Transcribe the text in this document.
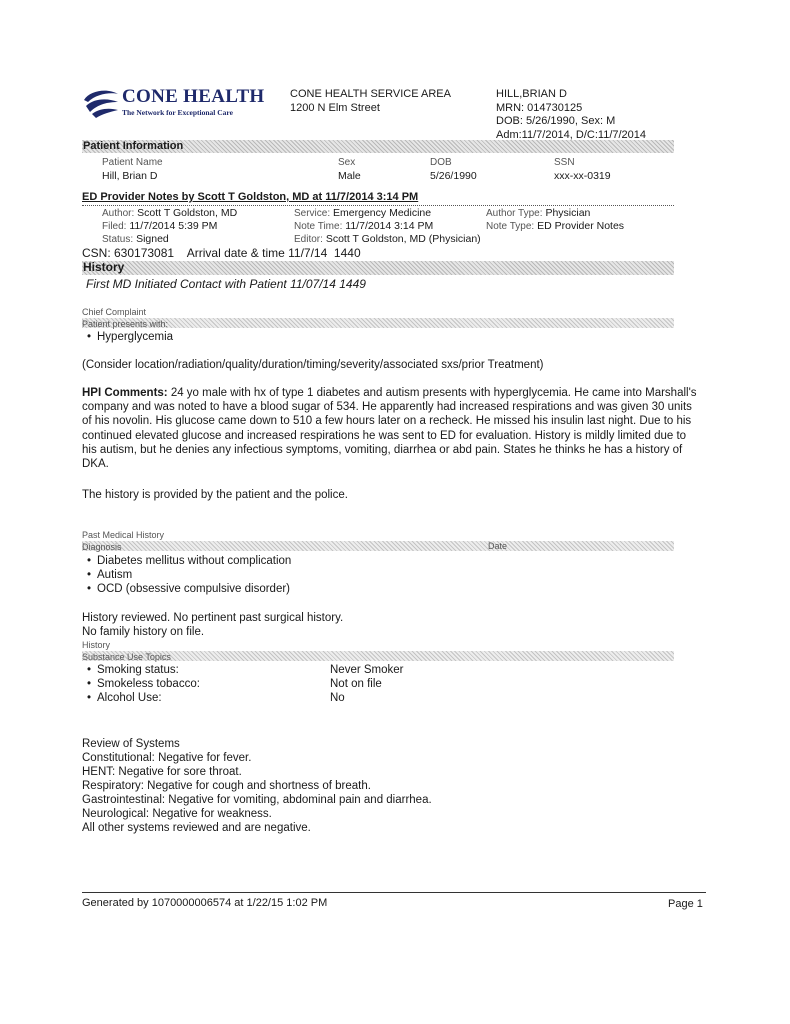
CONE HEALTH
The Network for Exceptional Care
CONE HEALTH SERVICE AREA
1200 N Elm Street
HILL,BRIAN D
MRN: 014730125
DOB: 5/26/1990, Sex: M
Adm:11/7/2014, D/C:11/7/2014
Patient Information
Patient Name	Sex	DOB	SSN
Hill, Brian D	Male	5/26/1990	xxx-xx-0319
ED Provider Notes by Scott T Goldston, MD at 11/7/2014 3:14 PM
Author: Scott T Goldston, MD	Service: Emergency Medicine	Author Type: Physician
Filed: 11/7/2014 5:39 PM	Note Time: 11/7/2014 3:14 PM	Note Type: ED Provider Notes
Status: Signed	Editor: Scott T Goldston, MD (Physician)
CSN: 630173081    Arrival date & time 11/7/14  1440
History
First MD Initiated Contact with Patient 11/07/14 1449
Chief Complaint
Patient presents with:
• Hyperglycemia
(Consider location/radiation/quality/duration/timing/severity/associated sxs/prior Treatment)
HPI Comments: 24 yo male with hx of type 1 diabetes and autism presents with hyperglycemia. He came into Marshall's company and was noted to have a blood sugar of 534. He apparently had increased respirations and was given 30 units of his novolin. His glucose came down to 510 a few hours later on a recheck. He missed his insulin last night. Due to his continued elevated glucose and increased respirations he was sent to ED for evaluation. History is mildly limited due to his autism, but he denies any infectious symptoms, vomiting, diarrhea or abd pain. States he thinks he has a history of DKA.
The history is provided by the patient and the police.
Past Medical History
Diagnosis	Date
• Diabetes mellitus without complication
• Autism
• OCD (obsessive compulsive disorder)
History reviewed. No pertinent past surgical history.
No family history on file.
History
Substance Use Topics
• Smoking status:	Never Smoker
• Smokeless tobacco:	Not on file
• Alcohol Use:	No
Review of Systems
Constitutional: Negative for fever.
HENT: Negative for sore throat.
Respiratory: Negative for cough and shortness of breath.
Gastrointestinal: Negative for vomiting, abdominal pain and diarrhea.
Neurological: Negative for weakness.
All other systems reviewed and are negative.
Generated by 1070000006574 at 1/22/15 1:02 PM	Page 1
